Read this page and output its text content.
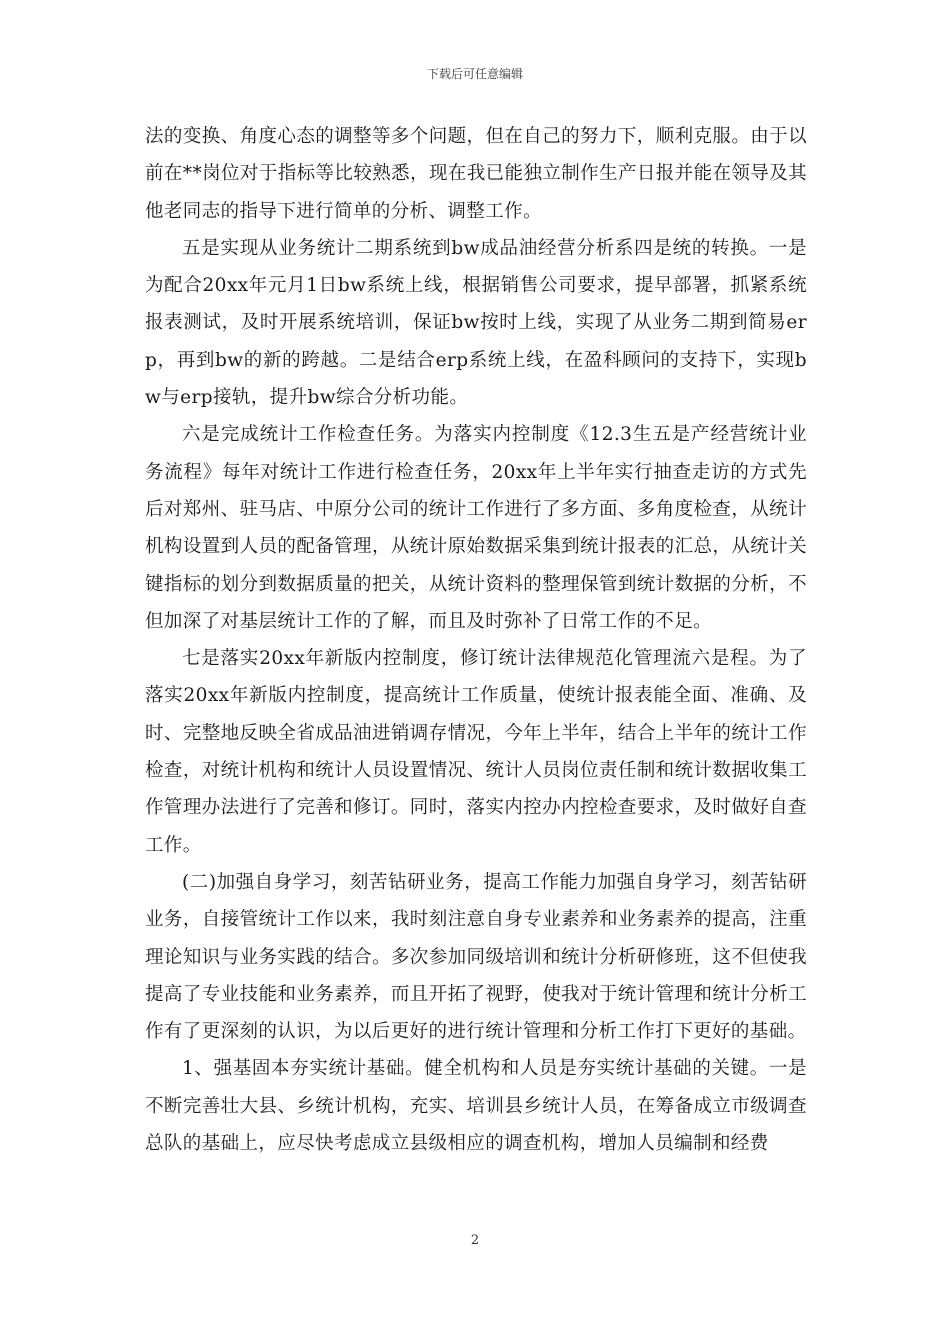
下载后可任意编辑

法的变换、角度心态的调整等多个问题，但在自己的努力下，顺利克服。由于以前在**岗位对于指标等比较熟悉，现在我已能独立制作生产日报并能在领导及其他老同志的指导下进行简单的分析、调整工作。

五是实现从业务统计二期系统到bw成品油经营分析系四是统的转换。一是为配合20xx年元月1日bw系统上线，根据销售公司要求，提早部署，抓紧系统报表测试，及时开展系统培训，保证bw按时上线，实现了从业务二期到简易erp，再到bw的新的跨越。二是结合erp系统上线，在盈科顾问的支持下，实现bw与erp接轨，提升bw综合分析功能。

六是完成统计工作检查任务。为落实内控制度《12.3生五是产经营统计业务流程》每年对统计工作进行检查任务，20xx年上半年实行抽查走访的方式先后对郑州、驻马店、中原分公司的统计工作进行了多方面、多角度检查，从统计机构设置到人员的配备管理，从统计原始数据采集到统计报表的汇总，从统计关键指标的划分到数据质量的把关，从统计资料的整理保管到统计数据的分析，不但加深了对基层统计工作的了解，而且及时弥补了日常工作的不足。

七是落实20xx年新版内控制度，修订统计法律规范化管理流六是程。为了落实20xx年新版内控制度，提高统计工作质量，使统计报表能全面、准确、及时、完整地反映全省成品油进销调存情况，今年上半年，结合上半年的统计工作检查，对统计机构和统计人员设置情况、统计人员岗位责任制和统计数据收集工作管理办法进行了完善和修订。同时，落实内控办内控检查要求，及时做好自查工作。

(二)加强自身学习，刻苦钻研业务，提高工作能力加强自身学习，刻苦钻研业务，自接管统计工作以来，我时刻注意自身专业素养和业务素养的提高，注重理论知识与业务实践的结合。多次参加同级培训和统计分析研修班，这不但使我提高了专业技能和业务素养，而且开拓了视野，使我对于统计管理和统计分析工作有了更深刻的认识，为以后更好的进行统计管理和分析工作打下更好的基础。

1、强基固本夯实统计基础。健全机构和人员是夯实统计基础的关键。一是不断完善壮大县、乡统计机构，充实、培训县乡统计人员，在筹备成立市级调查总队的基础上，应尽快考虑成立县级相应的调查机构，增加人员编制和经费

2
